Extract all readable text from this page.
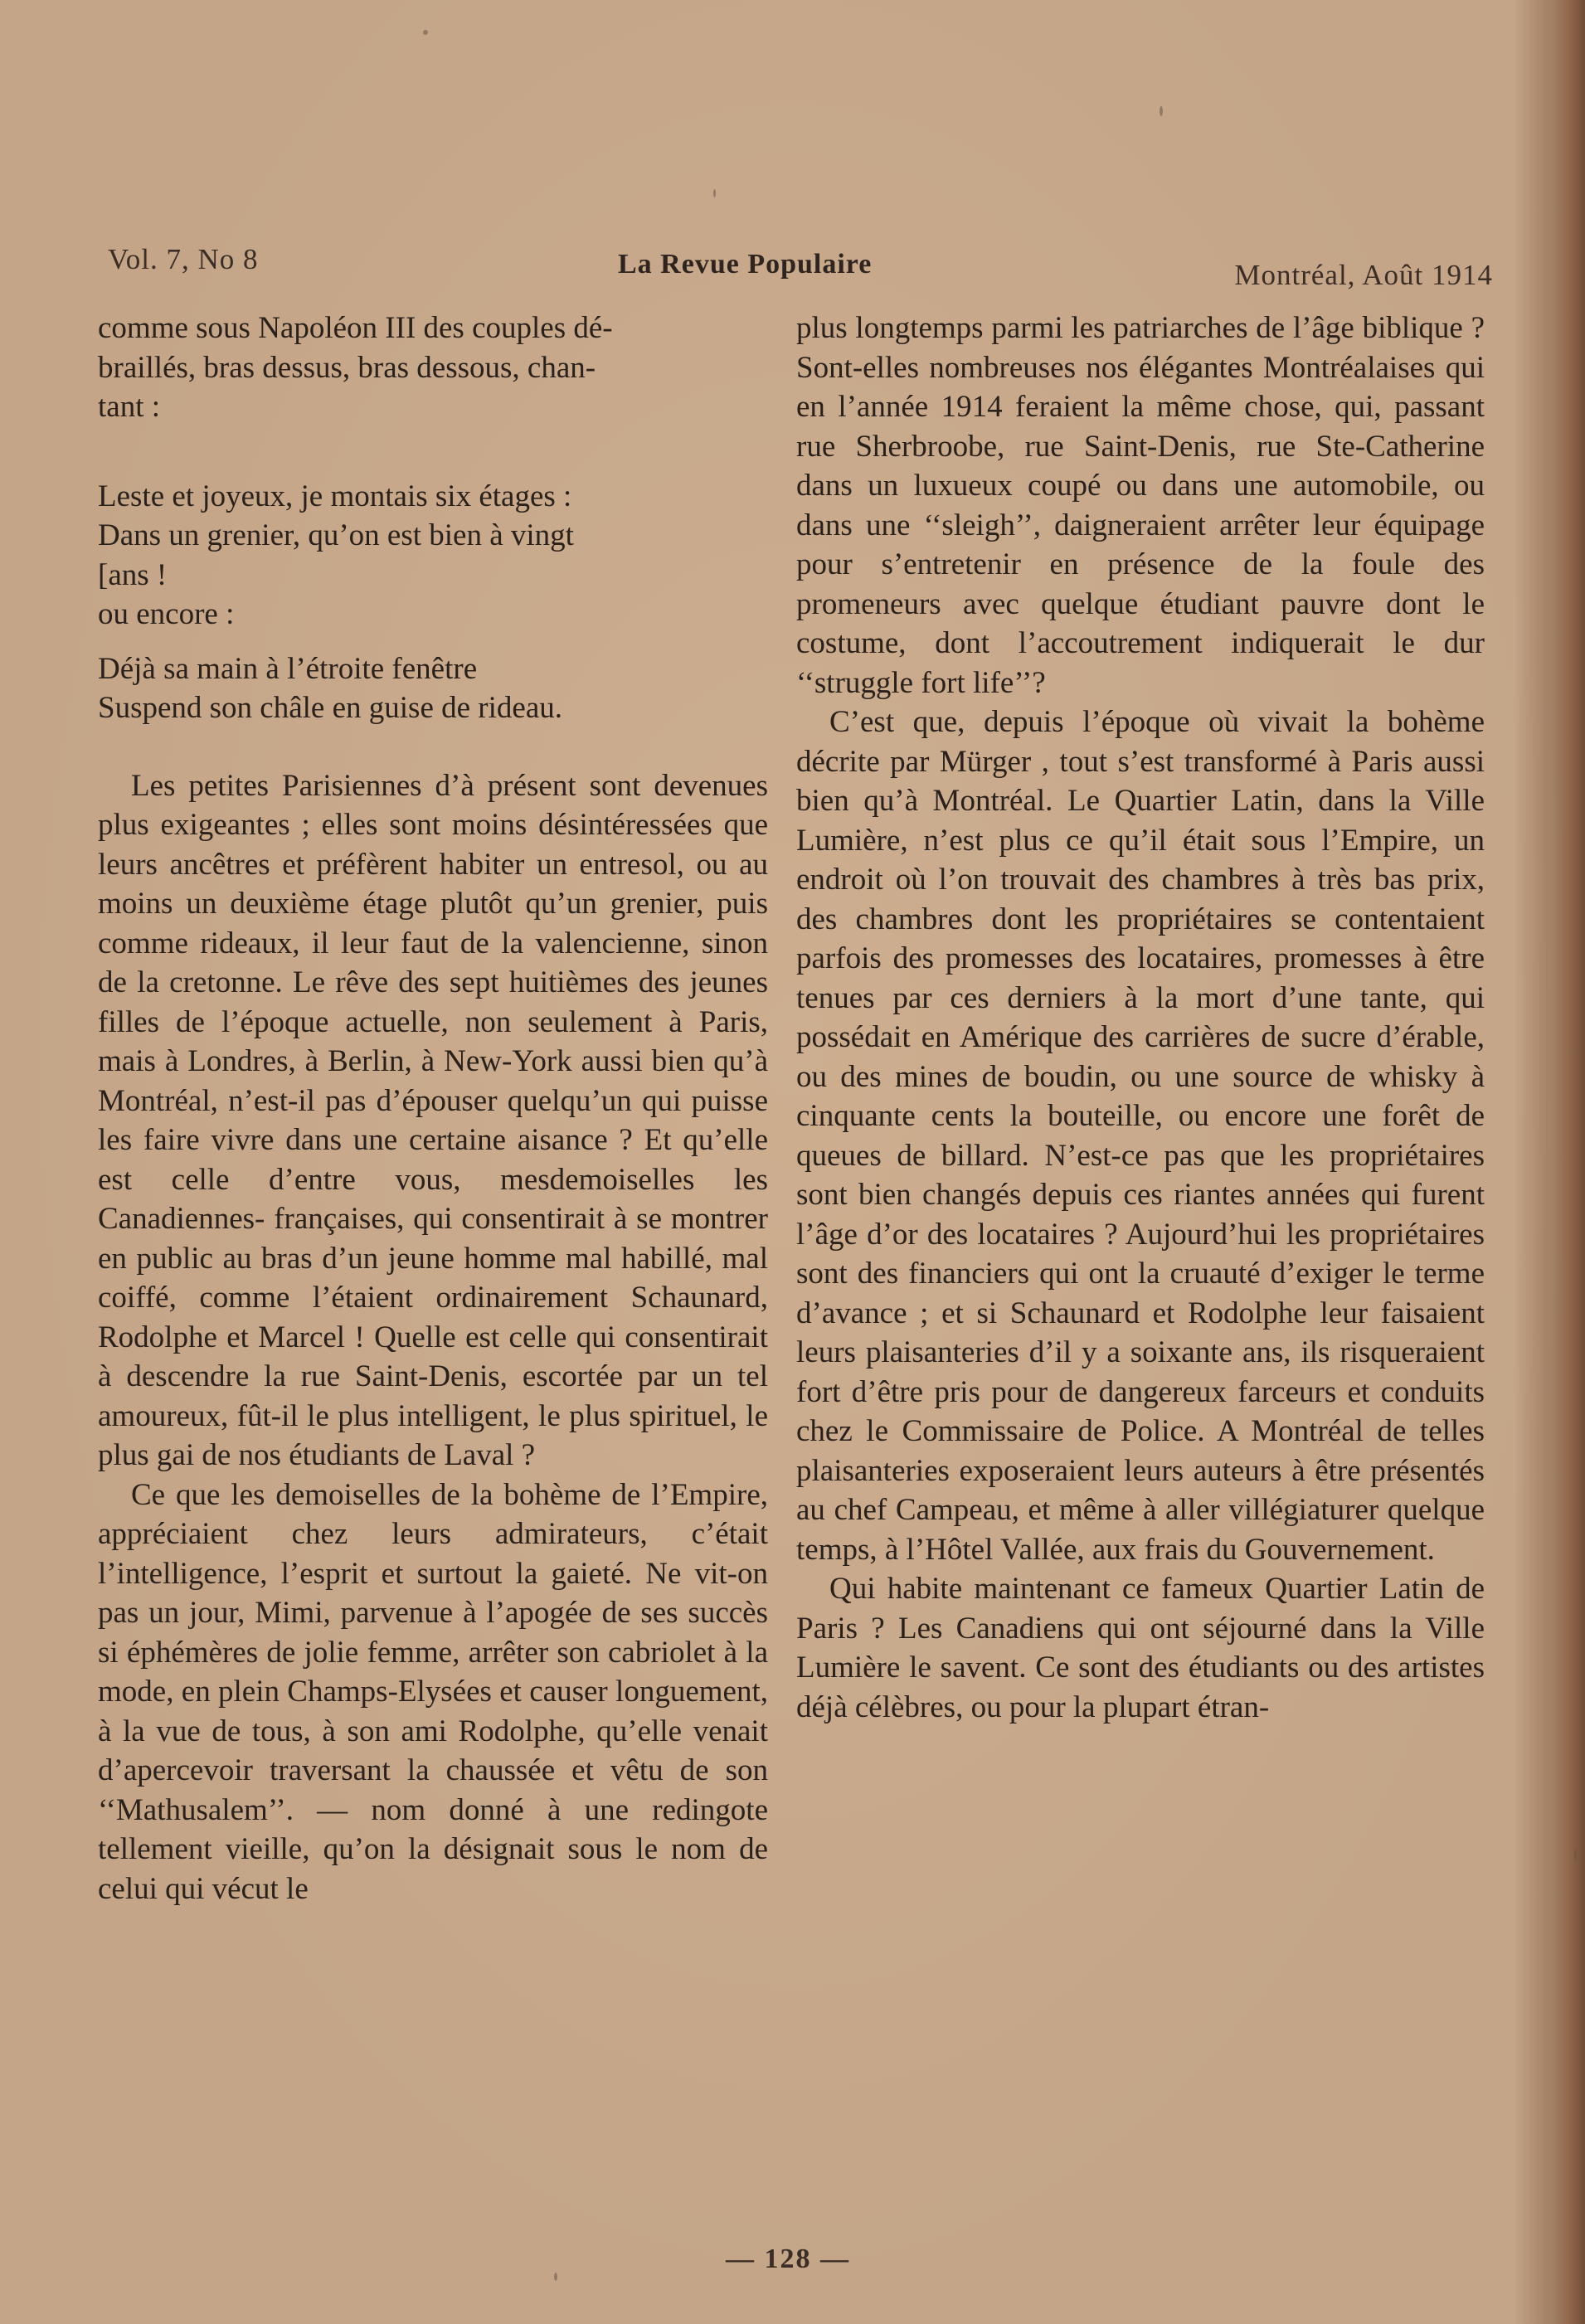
Vol. 7, No 8	La Revue Populaire	Montréal, Août 1914

comme sous Napoléon III des couples dé-

braillés, bras dessus, bras dessous, chan-

tant :

Leste et joyeux, je montais six étages :

Dans un grenier, qu’on est bien à vingt

[ans !

ou encore :

Déjà sa main à l’étroite fenêtre

Suspend son châle en guise de rideau.

Les petites Parisiennes d’à présent sont devenues plus exigeantes ; elles sont moins désintéressées que leurs ancêtres et préfèrent habiter un entresol, ou au moins un deuxième étage plutôt qu’un grenier, puis comme rideaux, il leur faut de la valencienne, sinon de la cretonne. Le rêve des sept huitièmes des jeunes filles de l’époque actuelle, non seulement à Paris, mais à Londres, à Berlin, à New-York aussi bien qu’à Montréal, n’est-il pas d’épouser quelqu’un qui puisse les faire vivre dans une certaine aisance ? Et qu’elle est celle d’entre vous, mesdemoiselles les Canadiennes- françaises, qui consentirait à se montrer en public au bras d’un jeune homme mal habillé, mal coiffé, comme l’étaient ordinairement Schaunard, Rodolphe et Marcel ! Quelle est celle qui consentirait à descendre la rue Saint-Denis, escortée par un tel amoureux, fût-il le plus intelligent, le plus spirituel, le plus gai de nos étudiants de Laval ?

Ce que les demoiselles de la bohème de l’Empire, appréciaient chez leurs admirateurs, c’était l’intelligence, l’esprit et surtout la gaieté. Ne vit-on pas un jour, Mimi, parvenue à l’apogée de ses succès si éphémères de jolie femme, arrêter son cabriolet à la mode, en plein Champs-Elysées et causer longuement, à la vue de tous, à son ami Rodolphe, qu’elle venait d’apercevoir traversant la chaussée et vêtu de son ‘‘Mathusalem’’. — nom donné à une redingote tellement vieille, qu’on la désignait sous le nom de celui qui vécut le

plus longtemps parmi les patriarches de l’âge biblique ? Sont-elles nombreuses nos élégantes Montréalaises qui en l’année 1914 feraient la même chose, qui, passant rue Sherbroobe, rue Saint-Denis, rue Ste-Catherine dans un luxueux coupé ou dans une automobile, ou dans une ‘‘sleigh’’, daigneraient arrêter leur équipage pour s’entretenir en présence de la foule des promeneurs avec quelque étudiant pauvre dont le costume, dont l’accoutrement indiquerait le dur ‘‘struggle fort life’’?

C’est que, depuis l’époque où vivait la bohème décrite par Mürger , tout s’est transformé à Paris aussi bien qu’à Montréal. Le Quartier Latin, dans la Ville Lumière, n’est plus ce qu’il était sous l’Empire, un endroit où l’on trouvait des chambres à très bas prix, des chambres dont les propriétaires se contentaient parfois des promesses des locataires, promesses à être tenues par ces derniers à la mort d’une tante, qui possédait en Amérique des carrières de sucre d’érable, ou des mines de boudin, ou une source de whisky à cinquante cents la bouteille, ou encore une forêt de queues de billard. N’est-ce pas que les propriétaires sont bien changés depuis ces riantes années qui furent l’âge d’or des locataires ? Aujourd’hui les propriétaires sont des financiers qui ont la cruauté d’exiger le terme d’avance ; et si Schaunard et Rodolphe leur faisaient leurs plaisanteries d’il y a soixante ans, ils risqueraient fort d’être pris pour de dangereux farceurs et conduits chez le Commissaire de Police. A Montréal de telles plaisanteries exposeraient leurs auteurs à être présentés au chef Campeau, et même à aller villégiaturer quelque temps, à l’Hôtel Vallée, aux frais du Gouvernement.

Qui habite maintenant ce fameux Quartier Latin de Paris ? Les Canadiens qui ont séjourné dans la Ville Lumière le savent. Ce sont des étudiants ou des artistes déjà célèbres, ou pour la plupart étran-

— 128 —
